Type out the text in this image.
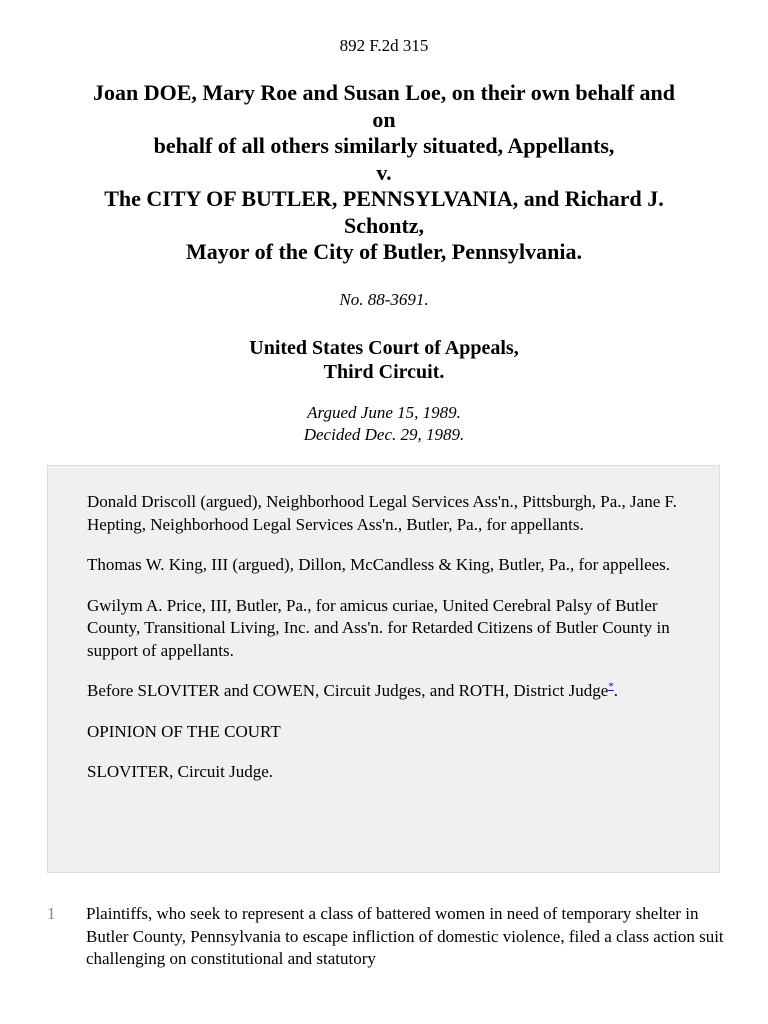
892 F.2d 315
Joan DOE, Mary Roe and Susan Loe, on their own behalf and
on
behalf of all others similarly situated, Appellants,
v.
The CITY OF BUTLER, PENNSYLVANIA, and Richard J.
Schontz,
Mayor of the City of Butler, Pennsylvania.
No. 88-3691.
United States Court of Appeals,
Third Circuit.
Argued June 15, 1989.
Decided Dec. 29, 1989.

Donald Driscoll (argued), Neighborhood Legal Services Ass'n., Pittsburgh, Pa., Jane F. Hepting, Neighborhood Legal Services Ass'n., Butler, Pa., for appellants.

Thomas W. King, III (argued), Dillon, McCandless & King, Butler, Pa., for appellees.

Gwilym A. Price, III, Butler, Pa., for amicus curiae, United Cerebral Palsy of Butler County, Transitional Living, Inc. and Ass'n. for Retarded Citizens of Butler County in support of appellants.

Before SLOVITER and COWEN, Circuit Judges, and ROTH, District Judge*.

OPINION OF THE COURT

SLOVITER, Circuit Judge.

1 Plaintiffs, who seek to represent a class of battered women in need of temporary shelter in Butler County, Pennsylvania to escape infliction of domestic violence, filed a class action suit challenging on constitutional and statutory
